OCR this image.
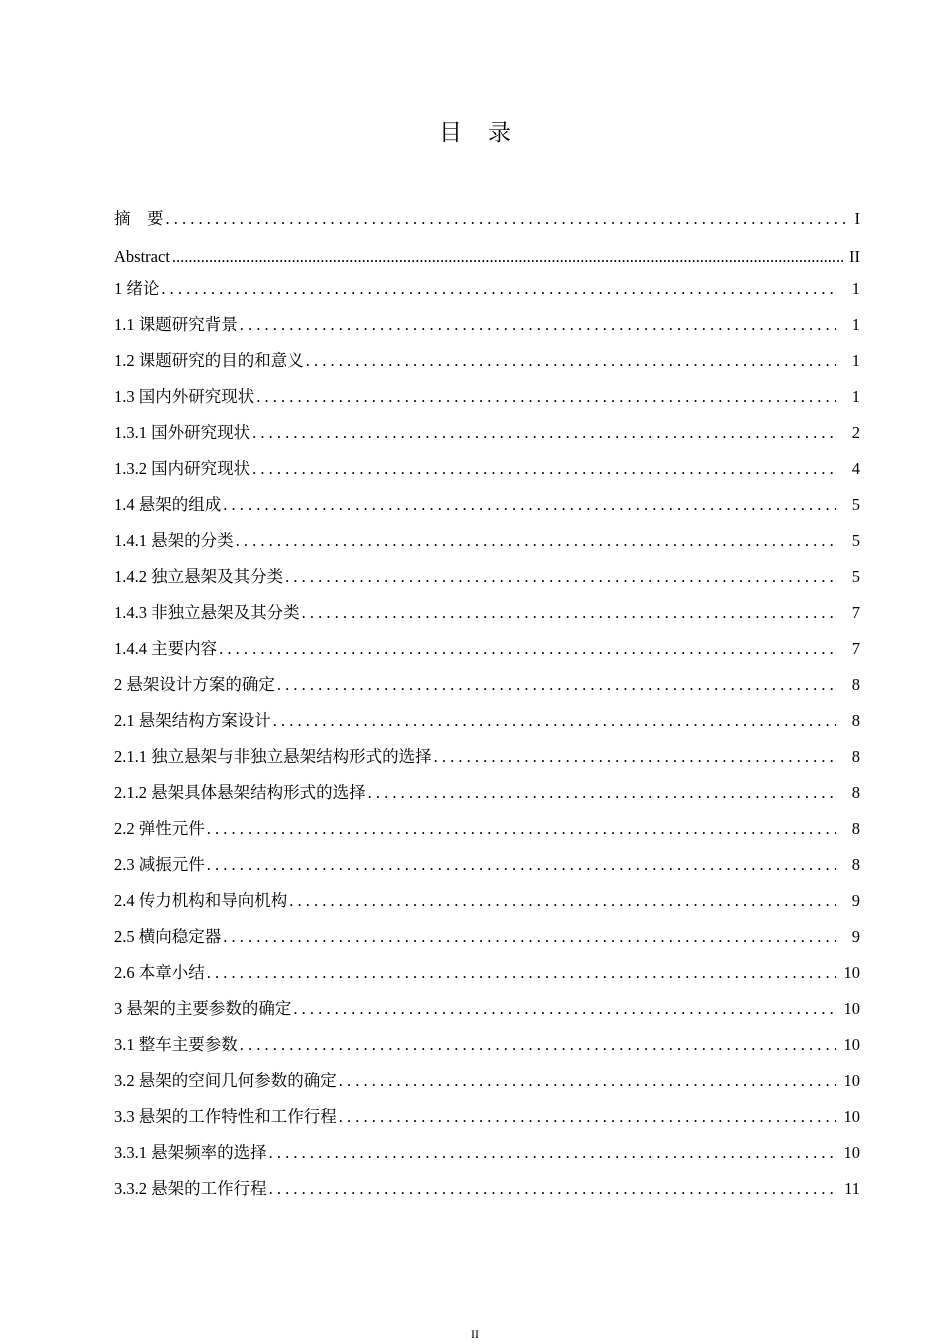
目录
摘　要 . . .	I
Abstract .....	II
1 绪论 . . .	1
1.1 课题研究背景 . . .	1
1.2 课题研究的目的和意义 . . .	1
1.3 国内外研究现状 . . .	1
1.3.1 国外研究现状 . . .	2
1.3.2 国内研究现状 . . .	4
1.4 悬架的组成 . . .	5
1.4.1 悬架的分类 . . .	5
1.4.2 独立悬架及其分类 . . .	5
1.4.3 非独立悬架及其分类 . . .	7
1.4.4 主要内容 . . .	7
2 悬架设计方案的确定 . . .	8
2.1 悬架结构方案设计 . . .	8
2.1.1 独立悬架与非独立悬架结构形式的选择 . . .	8
2.1.2 悬架具体悬架结构形式的选择 . . .	8
2.2 弹性元件 . . .	8
2.3 减振元件 . . .	8
2.4 传力机构和导向机构 . . .	9
2.5 横向稳定器 . . .	9
2.6 本章小结 . . .	10
3 悬架的主要参数的确定 . . .	10
3.1 整车主要参数 . . .	10
3.2 悬架的空间几何参数的确定 . . .	10
3.3 悬架的工作特性和工作行程 . . .	10
3.3.1 悬架频率的选择 . . .	10
3.3.2 悬架的工作行程 . . .	11
II
